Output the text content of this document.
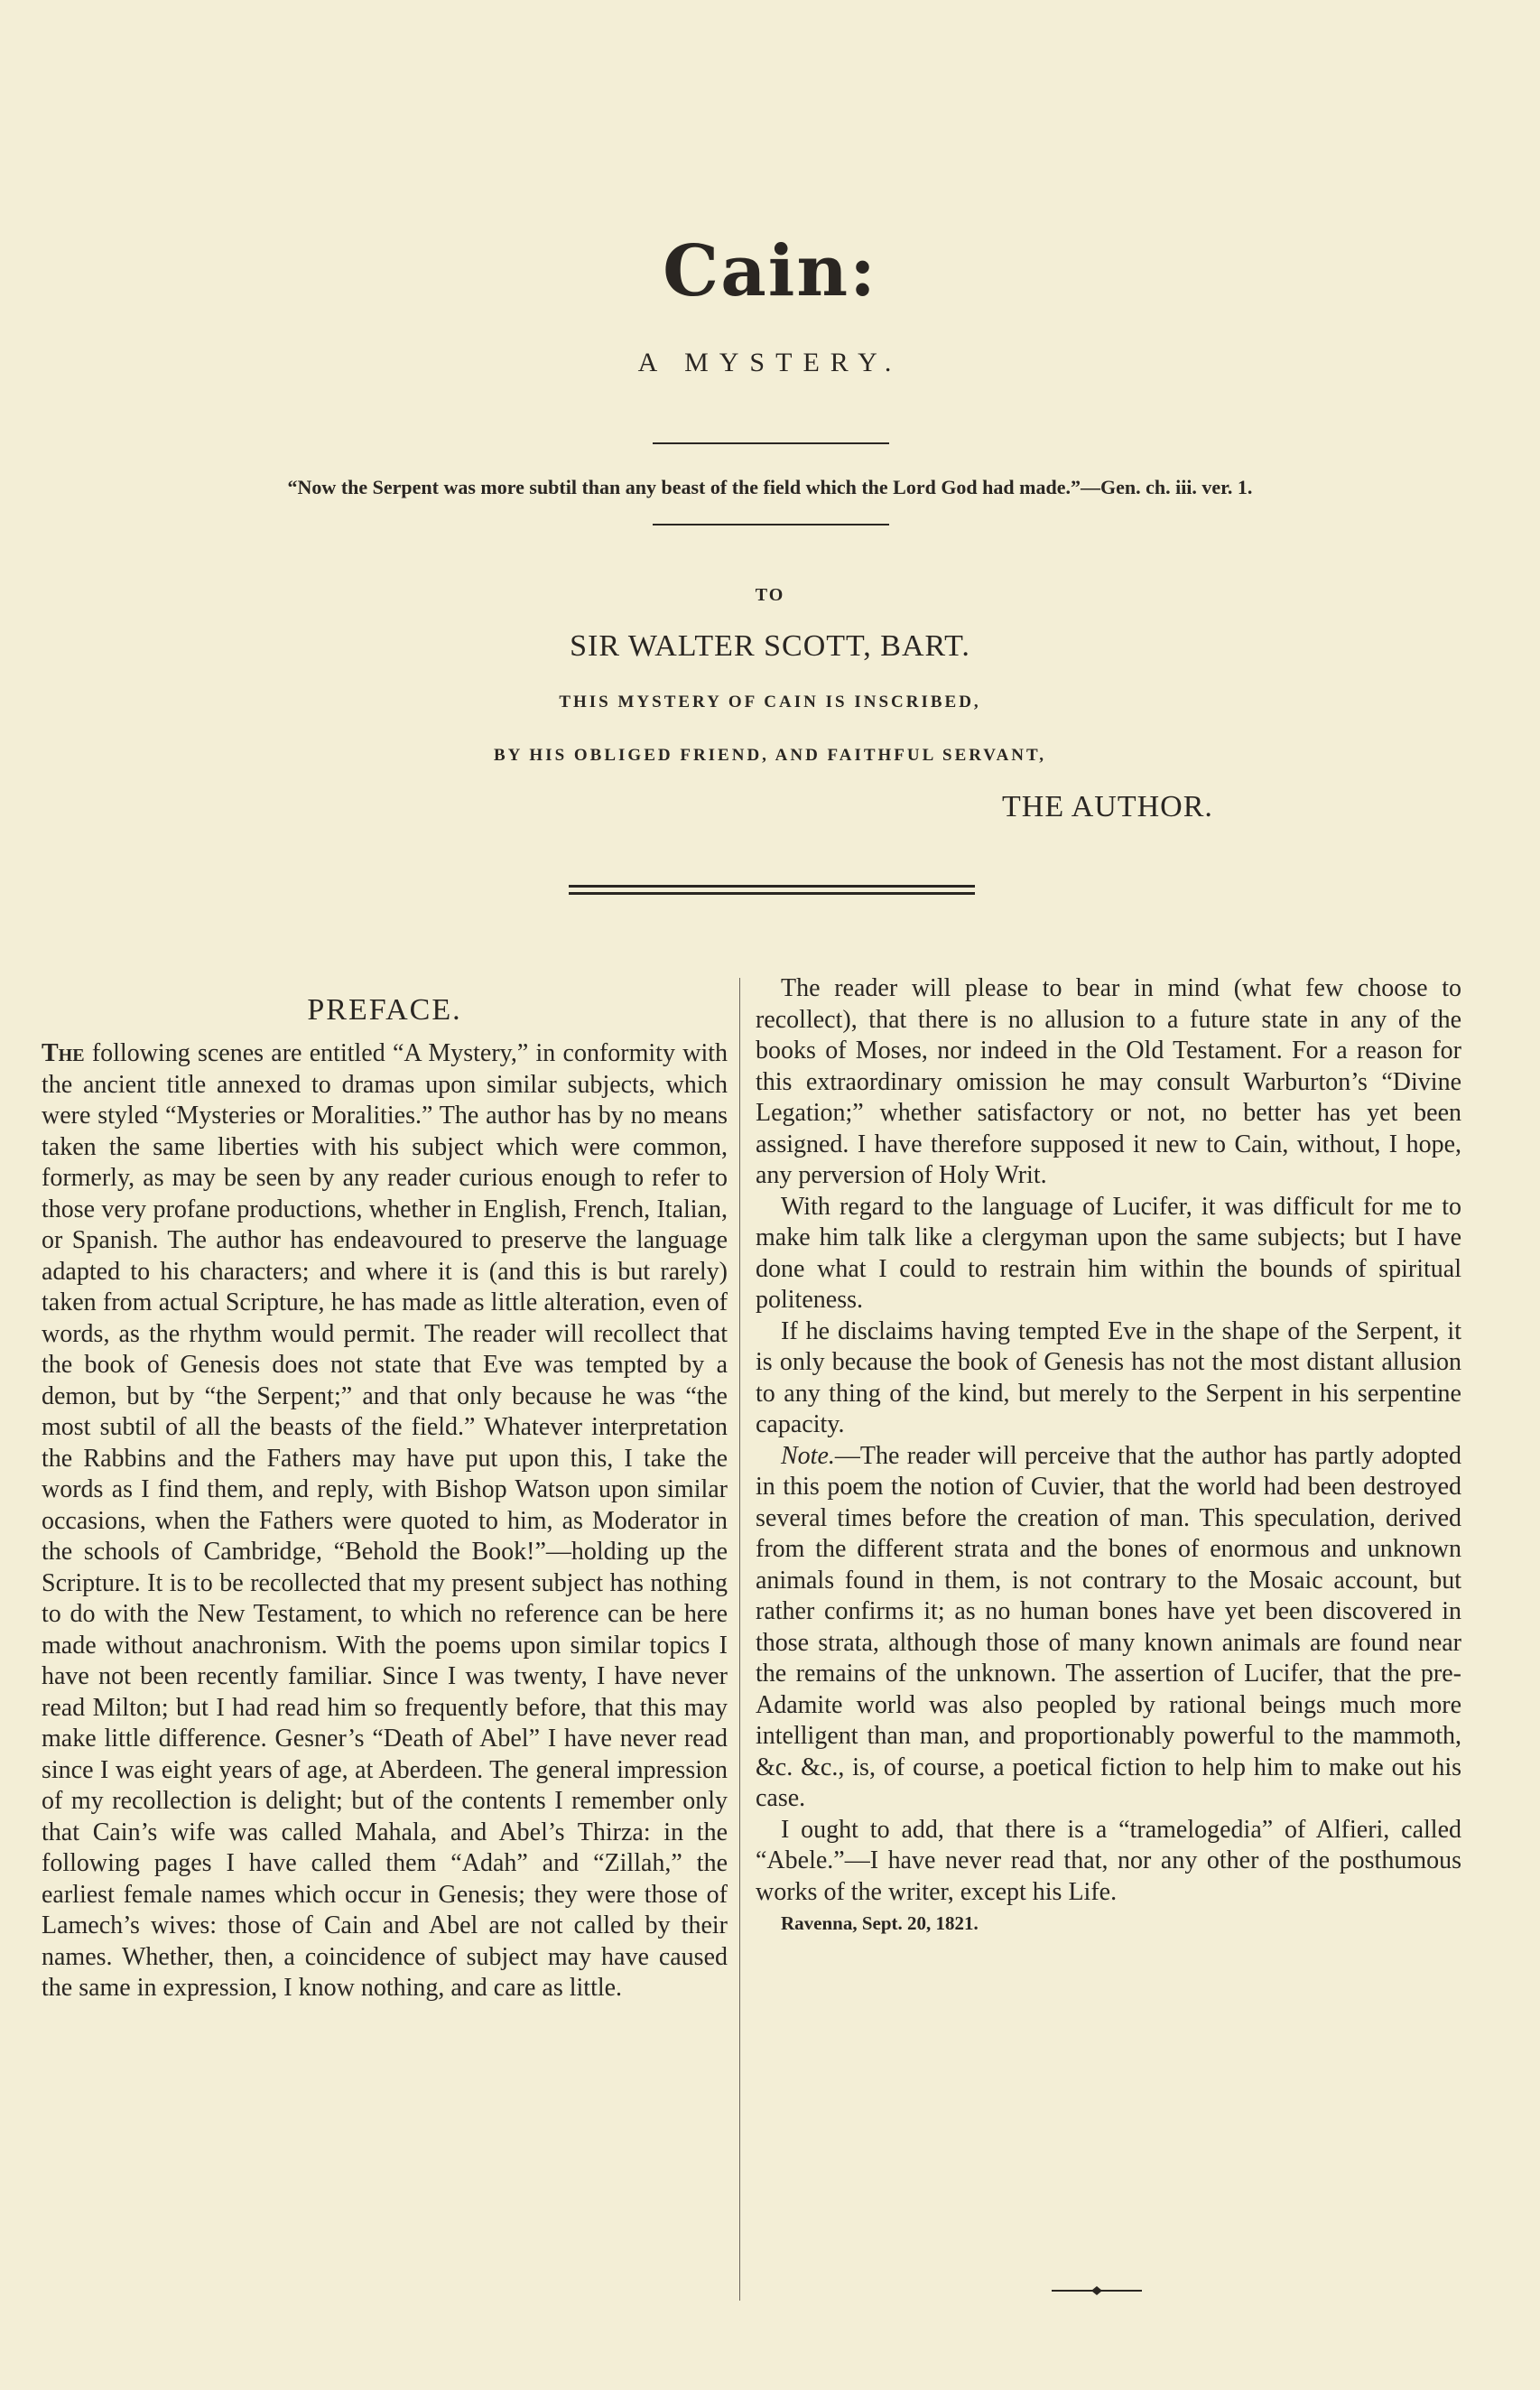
Cain:
A MYSTERY.
“Now the Serpent was more subtil than any beast of the field which the Lord God had made.”—Gen. ch. iii. ver. 1.
TO
SIR WALTER SCOTT, BART.
THIS MYSTERY OF CAIN IS INSCRIBED,
BY HIS OBLIGED FRIEND, AND FAITHFUL SERVANT,
THE AUTHOR.
PREFACE.

The following scenes are entitled “A Mystery,” in conformity with the ancient title annexed to dramas upon similar subjects, which were styled “Mysteries or Moralities.” The author has by no means taken the same liberties with his subject which were common, formerly, as may be seen by any reader curious enough to refer to those very profane productions, whether in English, French, Italian, or Spanish. The author has endeavoured to preserve the language adapted to his characters; and where it is (and this is but rarely) taken from actual Scripture, he has made as little alteration, even of words, as the rhythm would permit. The reader will recollect that the book of Genesis does not state that Eve was tempted by a demon, but by “the Serpent;” and that only because he was “the most subtil of all the beasts of the field.” Whatever interpretation the Rabbins and the Fathers may have put upon this, I take the words as I find them, and reply, with Bishop Watson upon similar occasions, when the Fathers were quoted to him, as Moderator in the schools of Cambridge, “Behold the Book!”—holding up the Scripture. It is to be recollected that my present subject has nothing to do with the New Testament, to which no reference can be here made without anachronism. With the poems upon similar topics I have not been recently familiar. Since I was twenty, I have never read Milton; but I had read him so frequently before, that this may make little difference. Gesner’s “Death of Abel” I have never read since I was eight years of age, at Aberdeen. The general impression of my recollection is delight; but of the contents I remember only that Cain’s wife was called Mahala, and Abel’s Thirza: in the following pages I have called them “Adah” and “Zillah,” the earliest female names which occur in Genesis; they were those of Lamech’s wives: those of Cain and Abel are not called by their names. Whether, then, a coincidence of subject may have caused the same in expression, I know nothing, and care as little.

The reader will please to bear in mind (what few choose to recollect), that there is no allusion to a future state in any of the books of Moses, nor indeed in the Old Testament. For a reason for this extraordinary omission he may consult Warburton’s “Divine Legation;” whether satisfactory or not, no better has yet been assigned. I have therefore supposed it new to Cain, without, I hope, any perversion of Holy Writ.

With regard to the language of Lucifer, it was difficult for me to make him talk like a clergyman upon the same subjects; but I have done what I could to restrain him within the bounds of spiritual politeness.

If he disclaims having tempted Eve in the shape of the Serpent, it is only because the book of Genesis has not the most distant allusion to any thing of the kind, but merely to the Serpent in his serpentine capacity.

Note.—The reader will perceive that the author has partly adopted in this poem the notion of Cuvier, that the world had been destroyed several times before the creation of man. This speculation, derived from the different strata and the bones of enormous and unknown animals found in them, is not contrary to the Mosaic account, but rather confirms it; as no human bones have yet been discovered in those strata, although those of many known animals are found near the remains of the unknown. The assertion of Lucifer, that the pre-Adamite world was also peopled by rational beings much more intelligent than man, and proportionably powerful to the mammoth, &c. &c., is, of course, a poetical fiction to help him to make out his case.

I ought to add, that there is a “tramelogedia” of Alfieri, called “Abele.”—I have never read that, nor any other of the posthumous works of the writer, except his Life.

Ravenna, Sept. 20, 1821.
